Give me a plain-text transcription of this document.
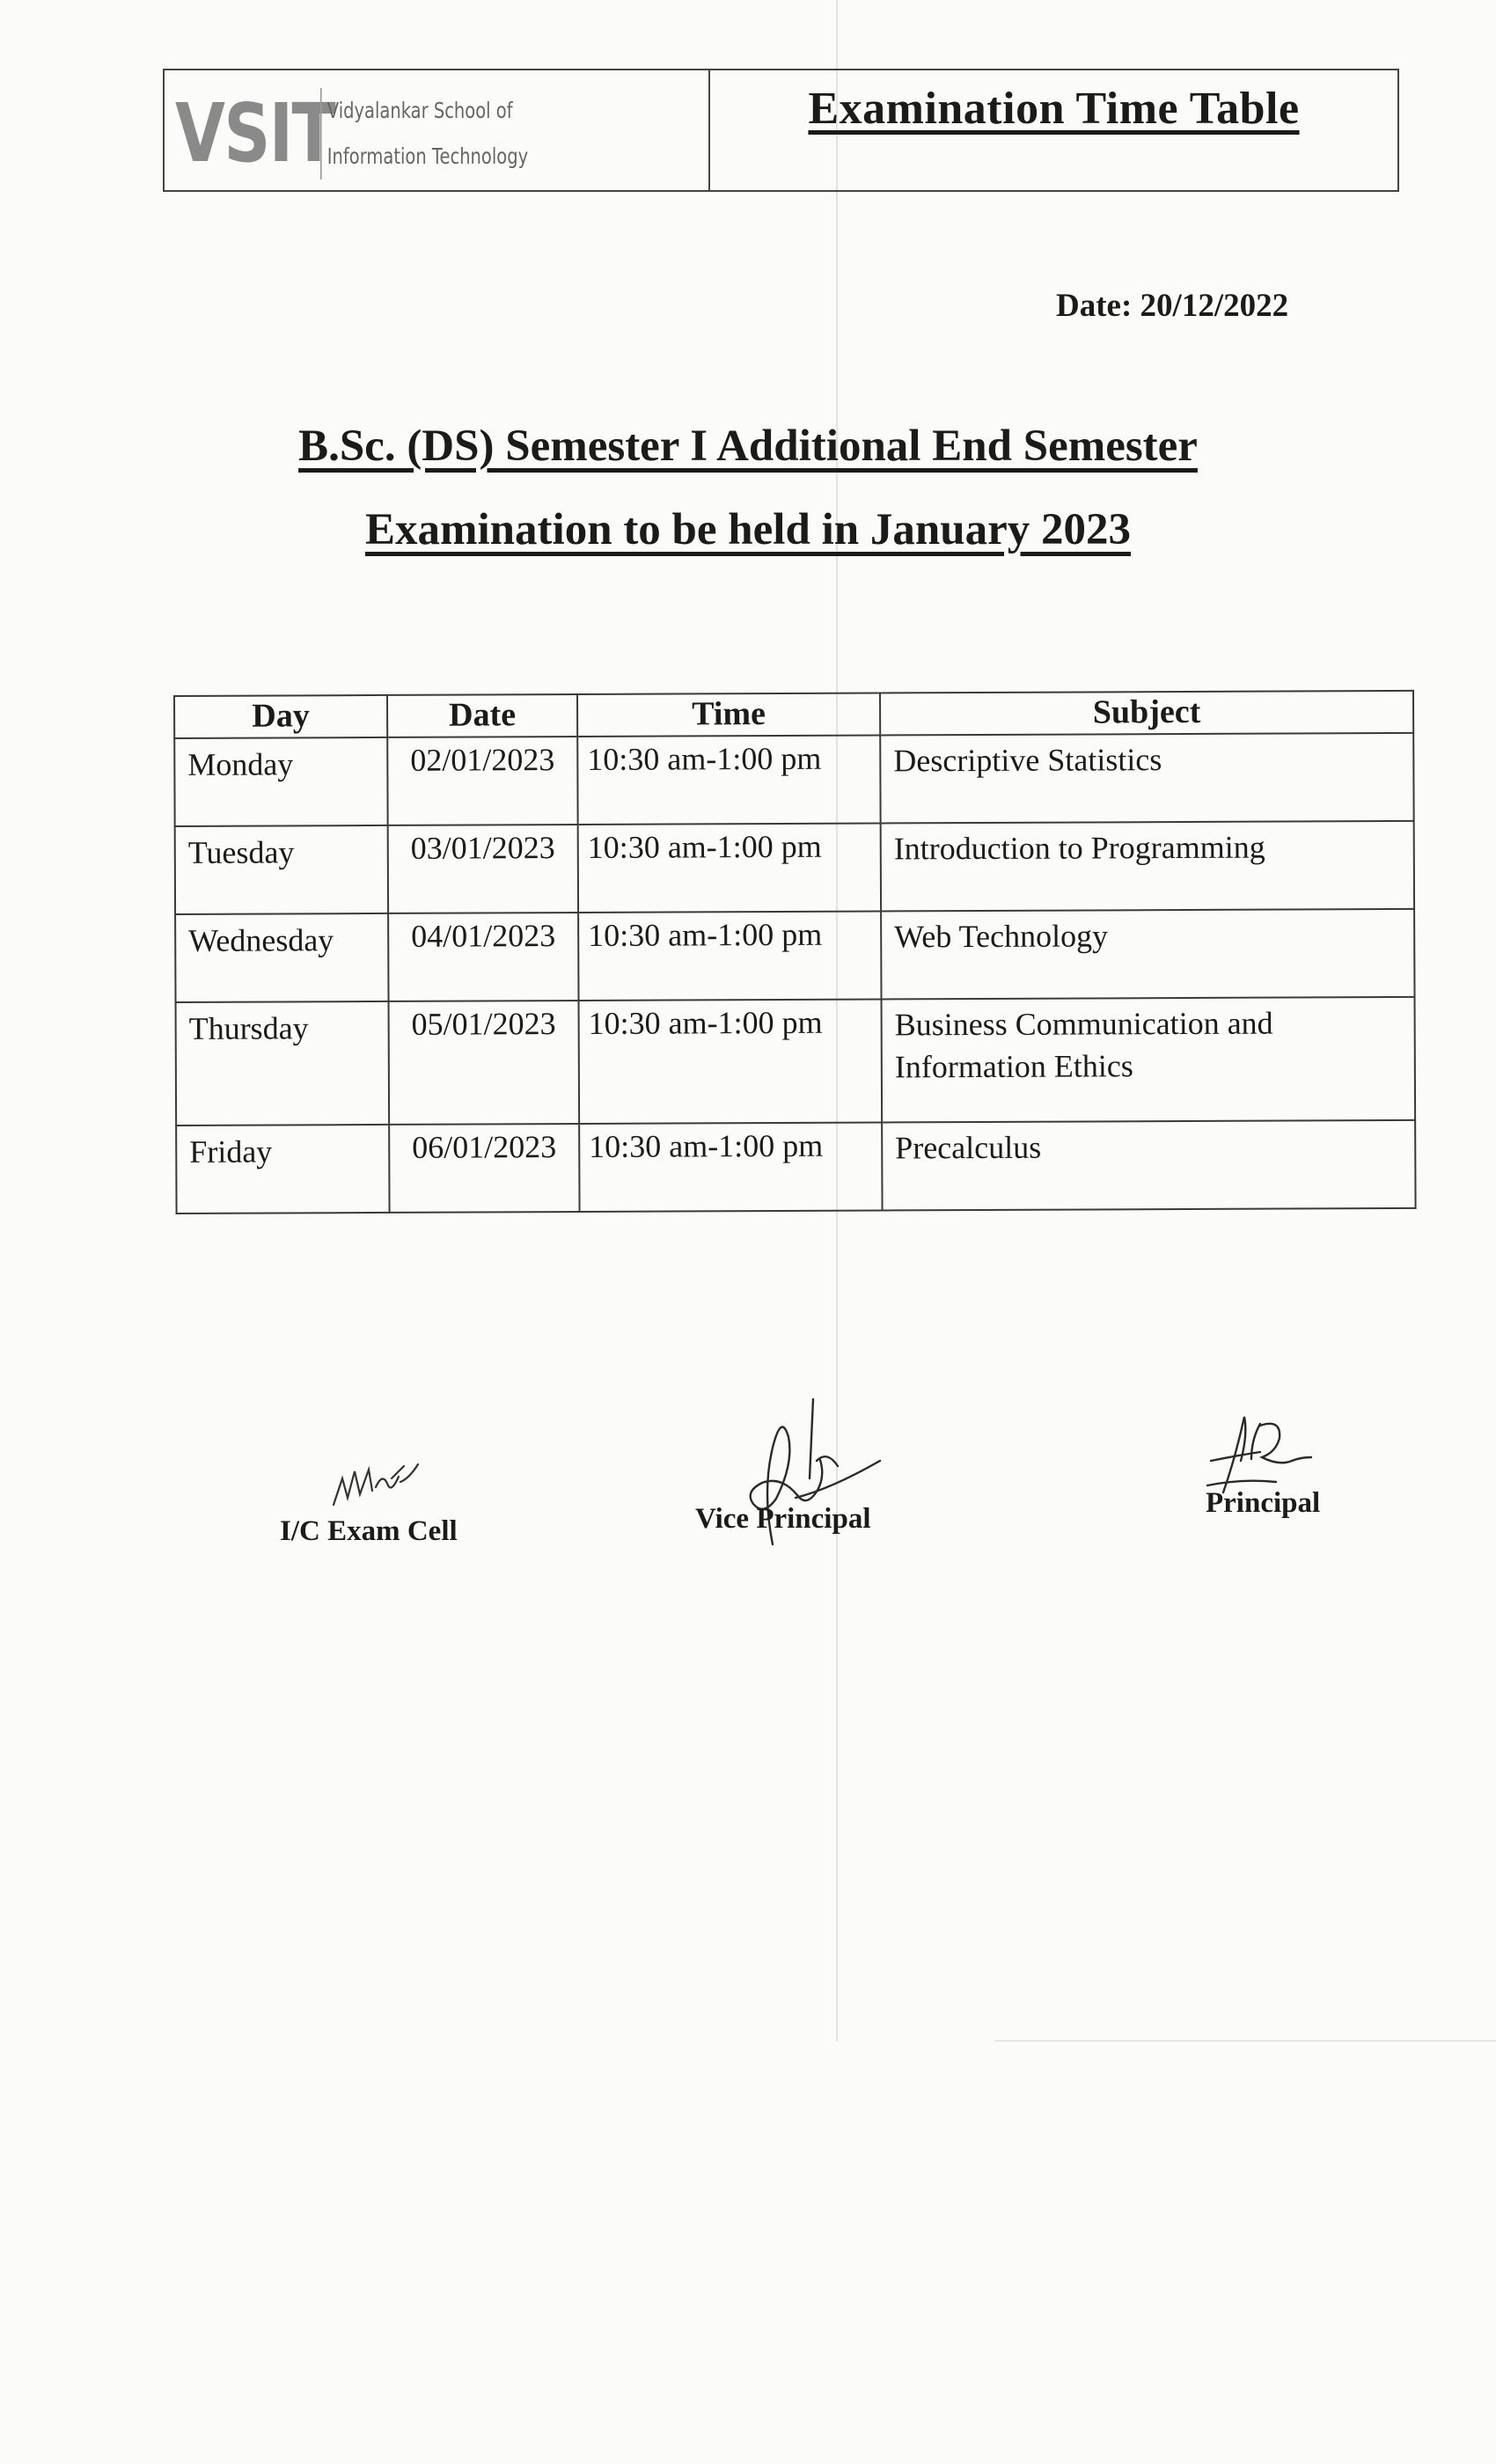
VSIT
Vidyalankar School of
Information Technology
Examination Time Table
Date: 20/12/2022
B.Sc. (DS) Semester I Additional End Semester
Examination to be held in January 2023
Day	Date	Time	Subject
Monday	02/01/2023	10:30 am-1:00 pm	Descriptive Statistics
Tuesday	03/01/2023	10:30 am-1:00 pm	Introduction to Programming
Wednesday	04/01/2023	10:30 am-1:00 pm	Web Technology
Thursday	05/01/2023	10:30 am-1:00 pm	Business Communication and Information Ethics
Friday	06/01/2023	10:30 am-1:00 pm	Precalculus
I/C Exam Cell	Vice Principal	Principal
